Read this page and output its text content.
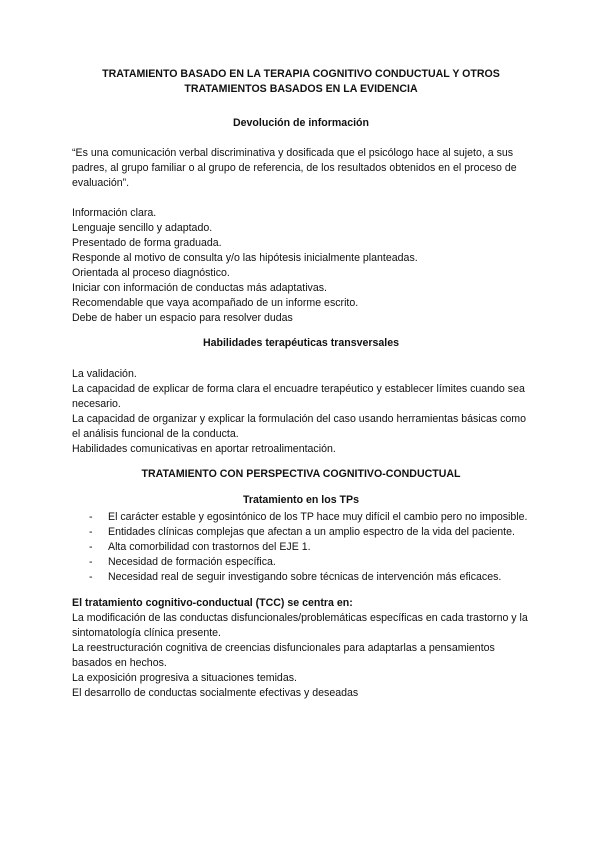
TRATAMIENTO BASADO EN LA TERAPIA COGNITIVO CONDUCTUAL Y OTROS
TRATAMIENTOS BASADOS EN LA EVIDENCIA
Devolución de información

“Es una comunicación verbal discriminativa y dosificada que el psicólogo hace al sujeto, a sus padres, al grupo familiar o al grupo de referencia, de los resultados obtenidos en el proceso de evaluación”.

Información clara.
Lenguaje sencillo y adaptado.
Presentado de forma graduada.
Responde al motivo de consulta y/o las hipótesis inicialmente planteadas.
Orientada al proceso diagnóstico.
Iniciar con información de conductas más adaptativas.
Recomendable que vaya acompañado de un informe escrito.
Debe de haber un espacio para resolver dudas
Habilidades terapéuticas transversales
La validación.
La capacidad de explicar de forma clara el encuadre terapéutico y establecer límites cuando sea necesario.
La capacidad de organizar y explicar la formulación del caso usando herramientas básicas como el análisis funcional de la conducta.
Habilidades comunicativas en aportar retroalimentación.
TRATAMIENTO CON PERSPECTIVA COGNITIVO-CONDUCTUAL
Tratamiento en los TPs
- El carácter estable y egosintónico de los TP hace muy difícil el cambio pero no imposible.
- Entidades clínicas complejas que afectan a un amplio espectro de la vida del paciente.
- Alta comorbilidad con trastornos del EJE 1.
- Necesidad de formación específica.
- Necesidad real de seguir investigando sobre técnicas de intervención más eficaces.
El tratamiento cognitivo-conductual (TCC) se centra en:
La modificación de las conductas disfuncionales/problemáticas específicas en cada trastorno y la sintomatología clínica presente.
La reestructuración cognitiva de creencias disfuncionales para adaptarlas a pensamientos basados en hechos.
La exposición progresiva a situaciones temidas.
El desarrollo de conductas socialmente efectivas y deseadas
